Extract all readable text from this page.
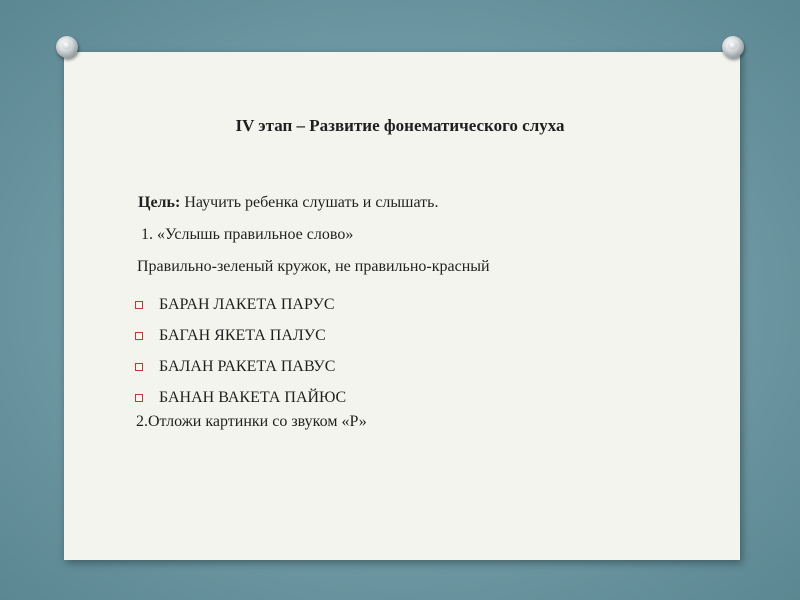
IV этап – Развитие фонематического слуха
Цель: Научить ребенка слушать и слышать.
1. «Услышь правильное слово»
Правильно-зеленый кружок, не правильно-красный
БАРАН ЛАКЕТА ПАРУС
БАГАН ЯКЕТА ПАЛУС
БАЛАН РАКЕТА ПАВУС
БАНАН ВАКЕТА ПАЙЮС
2.Отложи картинки со звуком «Р»
